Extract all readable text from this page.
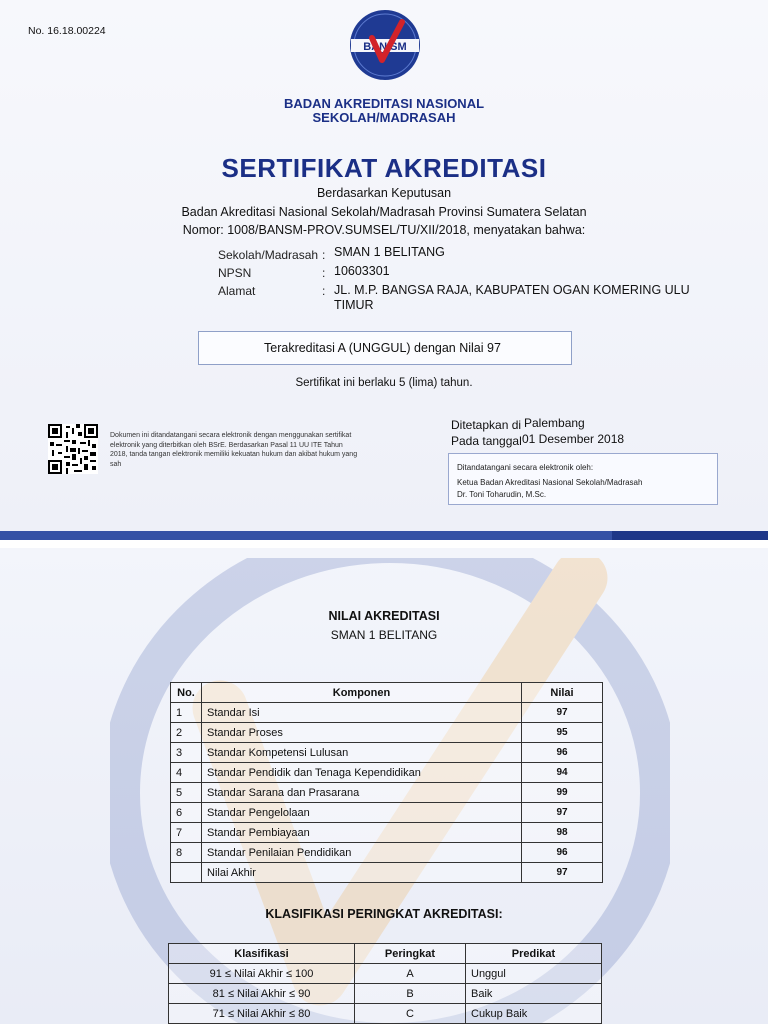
No. 16.18.00224
BAN SM
BADAN AKREDITASI NASIONAL
SEKOLAH/MADRASAH
SERTIFIKAT AKREDITASI
Berdasarkan Keputusan
Badan Akreditasi Nasional Sekolah/Madrasah Provinsi Sumatera Selatan
Nomor: 1008/BANSM-PROV.SUMSEL/TU/XII/2018, menyatakan bahwa:
Sekolah/Madrasah : SMAN 1 BELITANG
NPSN	: 10603301
Alamat	: JL. M.P. BANGSA RAJA, KABUPATEN OGAN KOMERING ULU
TIMUR
Terakreditasi A (UNGGUL) dengan Nilai 97
Sertifikat ini berlaku 5 (lima) tahun.
Dokumen ini ditandatangani secara elektronik dengan menggunakan sertifikat elektronik yang diterbitkan oleh BSrE. Berdasarkan Pasal 11 UU ITE Tahun 2018, tanda tangan elektronik memiliki kekuatan hukum dan akibat hukum yang sah
Ditetapkan di Palembang
Pada tanggal 01 Desember 2018
Ditandatangani secara elektronik oleh:
Ketua Badan Akreditasi Nasional Sekolah/Madrasah
Dr. Toni Toharudin, M.Sc.
NILAI AKREDITASI
SMAN 1 BELITANG
No.	Komponen	Nilai
1	Standar Isi	97
2	Standar Proses	95
3	Standar Kompetensi Lulusan	96
4	Standar Pendidik dan Tenaga Kependidikan	94
5	Standar Sarana dan Prasarana	99
6	Standar Pengelolaan	97
7	Standar Pembiayaan	98
8	Standar Penilaian Pendidikan	96
	Nilai Akhir	97
KLASIFIKASI PERINGKAT AKREDITASI:
Klasifikasi	Peringkat	Predikat
91 ≤ Nilai Akhir ≤ 100	A	Unggul
81 ≤ Nilai Akhir ≤ 90	B	Baik
71 ≤ Nilai Akhir ≤ 80	C	Cukup Baik
